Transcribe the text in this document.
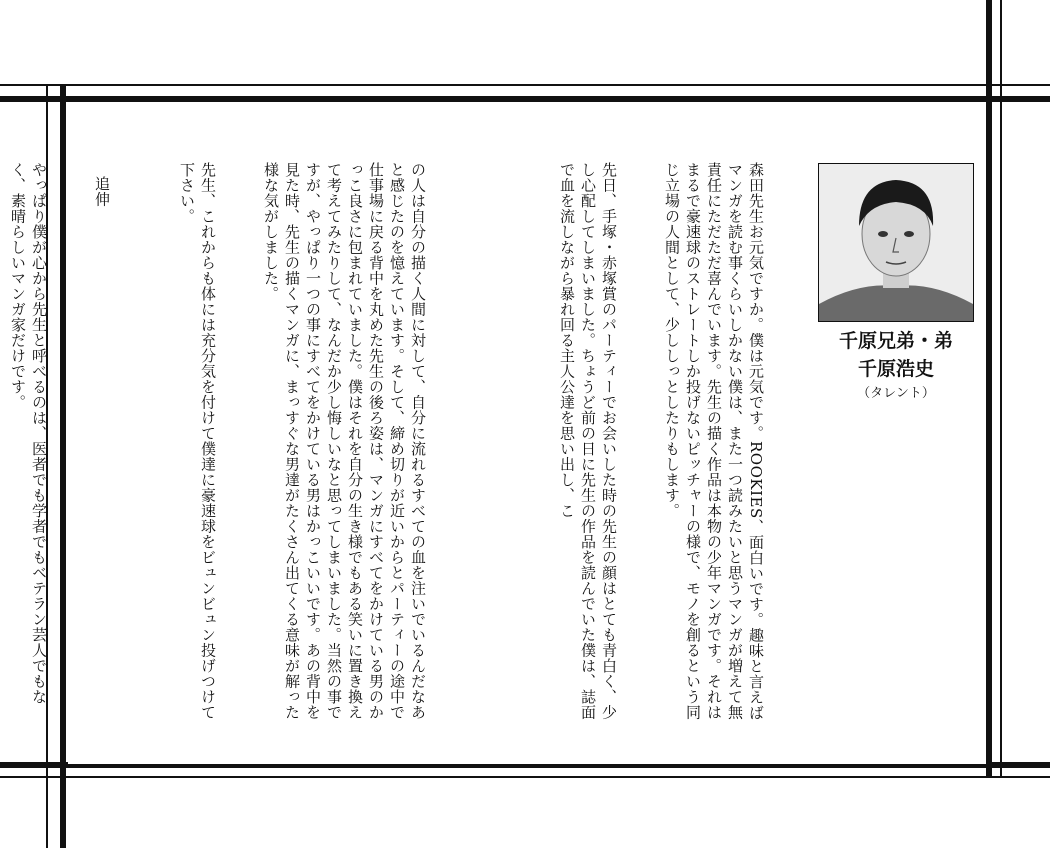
千原兄弟・弟
千原浩史
（タレント）

森田先生お元気ですか。僕は元気です。ROOKIES、面白いです。趣味と言えばマンガを読む事くらいしかない僕は、また一つ読みたいと思うマンガが増えて無責任にただただ喜んでいます。先生の描く作品は本物の少年マンガです。それはまるで豪速球のストレートしか投げないピッチャーの様で、モノを創るという同じ立場の人間として、少ししっとしたりもします。

先日、手塚・赤塚賞のパーティーでお会いした時の先生の顔はとても青白く、少し心配してしまいました。ちょうど前の日に先生の作品を読んでいた僕は、誌面で血を流しながら暴れ回る主人公達を思い出し、こ

の人は自分の描く人間に対して、自分に流れるすべての血を注いでいるんだなあと感じたのを憶えています。そして、締め切りが近いからとパーティーの途中で仕事場に戻る背中を丸めた先生の後ろ姿は、マンガにすべてをかけている男のかっこ良さに包まれていました。僕はそれを自分の生き様でもある笑いに置き換えて考えてみたりして、なんだか少し悔しいなと思ってしまいました。当然の事ですが、やっぱり一つの事にすべてをかけている男はかっこいいです。あの背中を見た時、先生の描くマンガに、まっすぐな男達がたくさん出てくる意味が解った様な気がしました。

先生、これからも体には充分気を付けて僕達に豪速球をビュンビュン投げつけて下さい。

追伸

やっぱり僕が心から先生と呼べるのは、医者でも学者でもベテラン芸人でもなく、素晴らしいマンガ家だけです。
